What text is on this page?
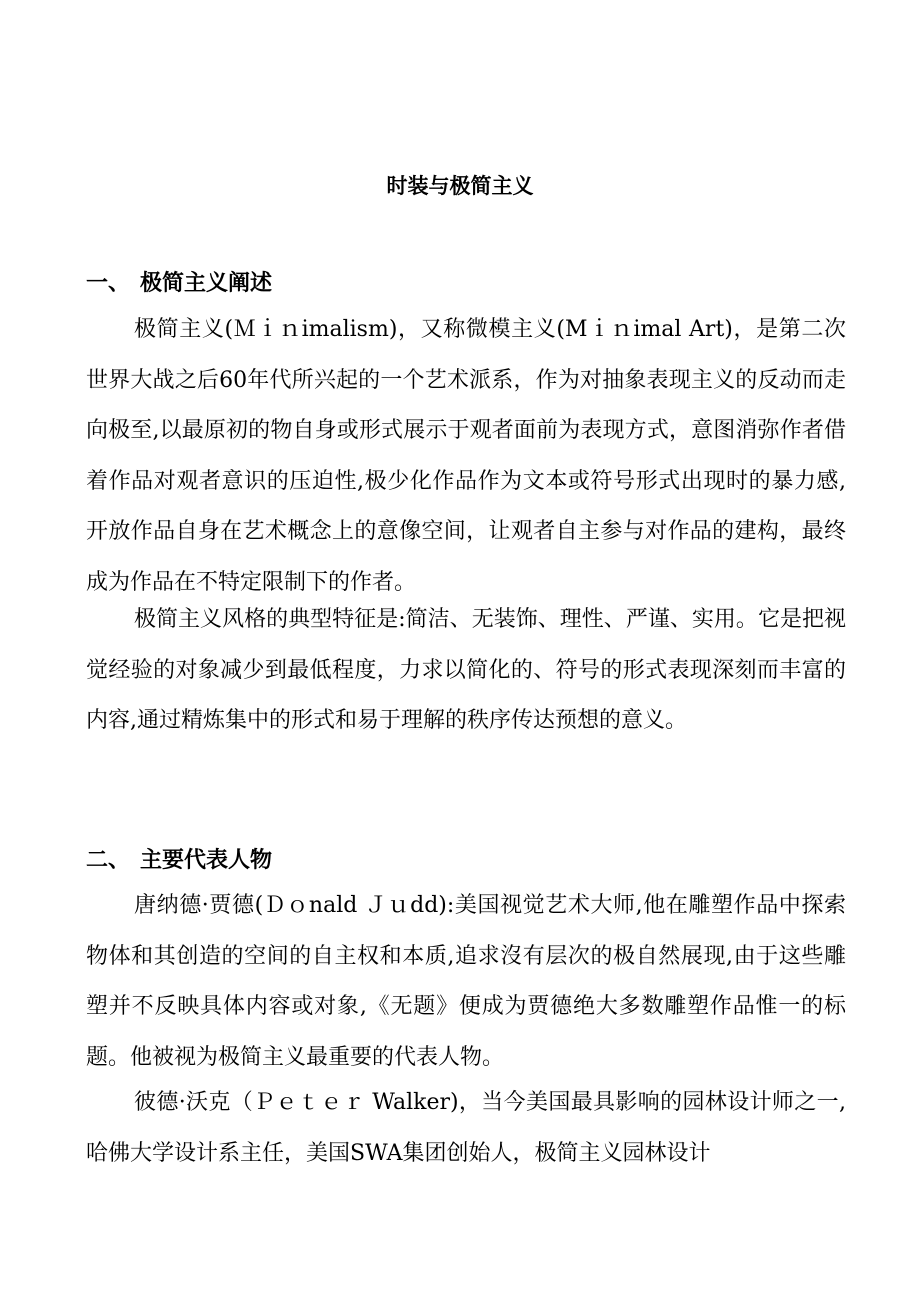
时装与极简主义
一、 极简主义阐述

极简主义(Ｍｉｎimalism)，又称微模主义(Mｉｎimal Art)，是第二次世界大战之后60年代所兴起的一个艺术派系，作为对抽象表现主义的反动而走向极至,以最原初的物自身或形式展示于观者面前为表现方式，意图消弥作者借着作品对观者意识的压迫性,极少化作品作为文本或符号形式出现时的暴力感,开放作品自身在艺术概念上的意像空间，让观者自主参与对作品的建构，最终成为作品在不特定限制下的作者。

极简主义风格的典型特征是:简洁、无装饰、理性、严谨、实用。它是把视觉经验的对象减少到最低程度，力求以简化的、符号的形式表现深刻而丰富的内容,通过精炼集中的形式和易于理解的秩序传达预想的意义。

二、 主要代表人物

唐纳德·贾德(Ｄｏnald Ｊｕdd):美国视觉艺术大师,他在雕塑作品中探索物体和其创造的空间的自主权和本质,追求沒有层次的极自然展现,由于这些雕塑并不反映具体内容或对象,《无题》便成为贾德绝大多数雕塑作品惟一的标题。他被视为极简主义最重要的代表人物。

彼德·沃克（Ｐｅｔｅｒ Walker)，当今美国最具影响的园林设计师之一,哈佛大学设计系主任，美国SWA集团创始人，极简主义园林设计
